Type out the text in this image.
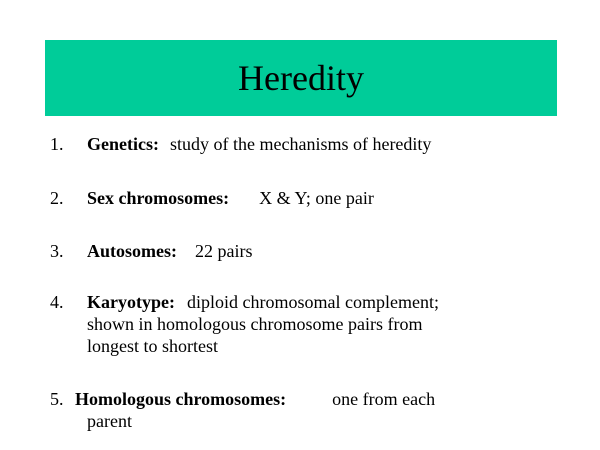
Heredity
1. Genetics: study of the mechanisms of heredity
2. Sex chromosomes: X & Y; one pair
3. Autosomes: 22 pairs
4. Karyotype: diploid chromosomal complement;
shown in homologous chromosome pairs from
longest to shortest
5. Homologous chromosomes:	one from each
parent
